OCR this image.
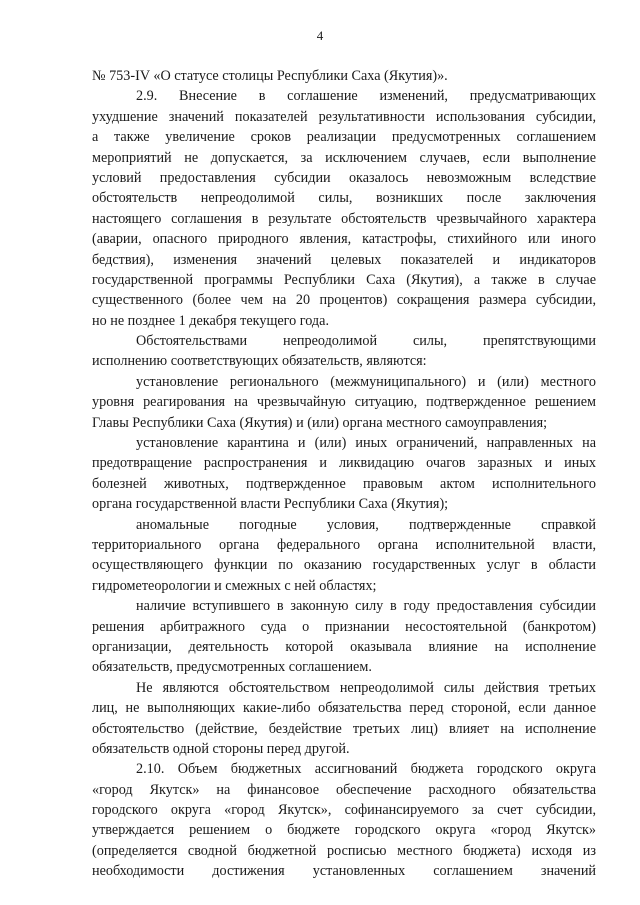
4
№ 753-IV «О статусе столицы Республики Саха (Якутия)».
2.9. Внесение в соглашение изменений, предусматривающих
ухудшение значений показателей результативности использования субсидии,
а также увеличение сроков реализации предусмотренных соглашением
мероприятий не допускается, за исключением случаев, если выполнение
условий предоставления субсидии оказалось невозможным вследствие
обстоятельств непреодолимой силы, возникших после заключения
настоящего соглашения в результате обстоятельств чрезвычайного характера
(аварии, опасного природного явления, катастрофы, стихийного или иного
бедствия), изменения значений целевых показателей и индикаторов
государственной программы Республики Саха (Якутия), а также в случае
существенного (более чем на 20 процентов) сокращения размера субсидии,
но не позднее 1 декабря текущего года.
Обстоятельствами непреодолимой силы, препятствующими
исполнению соответствующих обязательств, являются:
установление регионального (межмуниципального) и (или) местного
уровня реагирования на чрезвычайную ситуацию, подтвержденное решением
Главы Республики Саха (Якутия) и (или) органа местного самоуправления;
установление карантина и (или) иных ограничений, направленных на
предотвращение распространения и ликвидацию очагов заразных и иных
болезней животных, подтвержденное правовым актом исполнительного
органа государственной власти Республики Саха (Якутия);
аномальные погодные условия, подтвержденные справкой
территориального органа федерального органа исполнительной власти,
осуществляющего функции по оказанию государственных услуг в области
гидрометеорологии и смежных с ней областях;
наличие вступившего в законную силу в году предоставления субсидии
решения арбитражного суда о признании несостоятельной (банкротом)
организации, деятельность которой оказывала влияние на исполнение
обязательств, предусмотренных соглашением.
Не являются обстоятельством непреодолимой силы действия третьих
лиц, не выполняющих какие-либо обязательства перед стороной, если данное
обстоятельство (действие, бездействие третьих лиц) влияет на исполнение
обязательств одной стороны перед другой.
2.10. Объем бюджетных ассигнований бюджета городского округа
«город Якутск» на финансовое обеспечение расходного обязательства
городского округа «город Якутск», софинансируемого за счет субсидии,
утверждается решением о бюджете городского округа «город Якутск»
(определяется сводной бюджетной росписью местного бюджета) исходя из
необходимости достижения установленных соглашением значений
